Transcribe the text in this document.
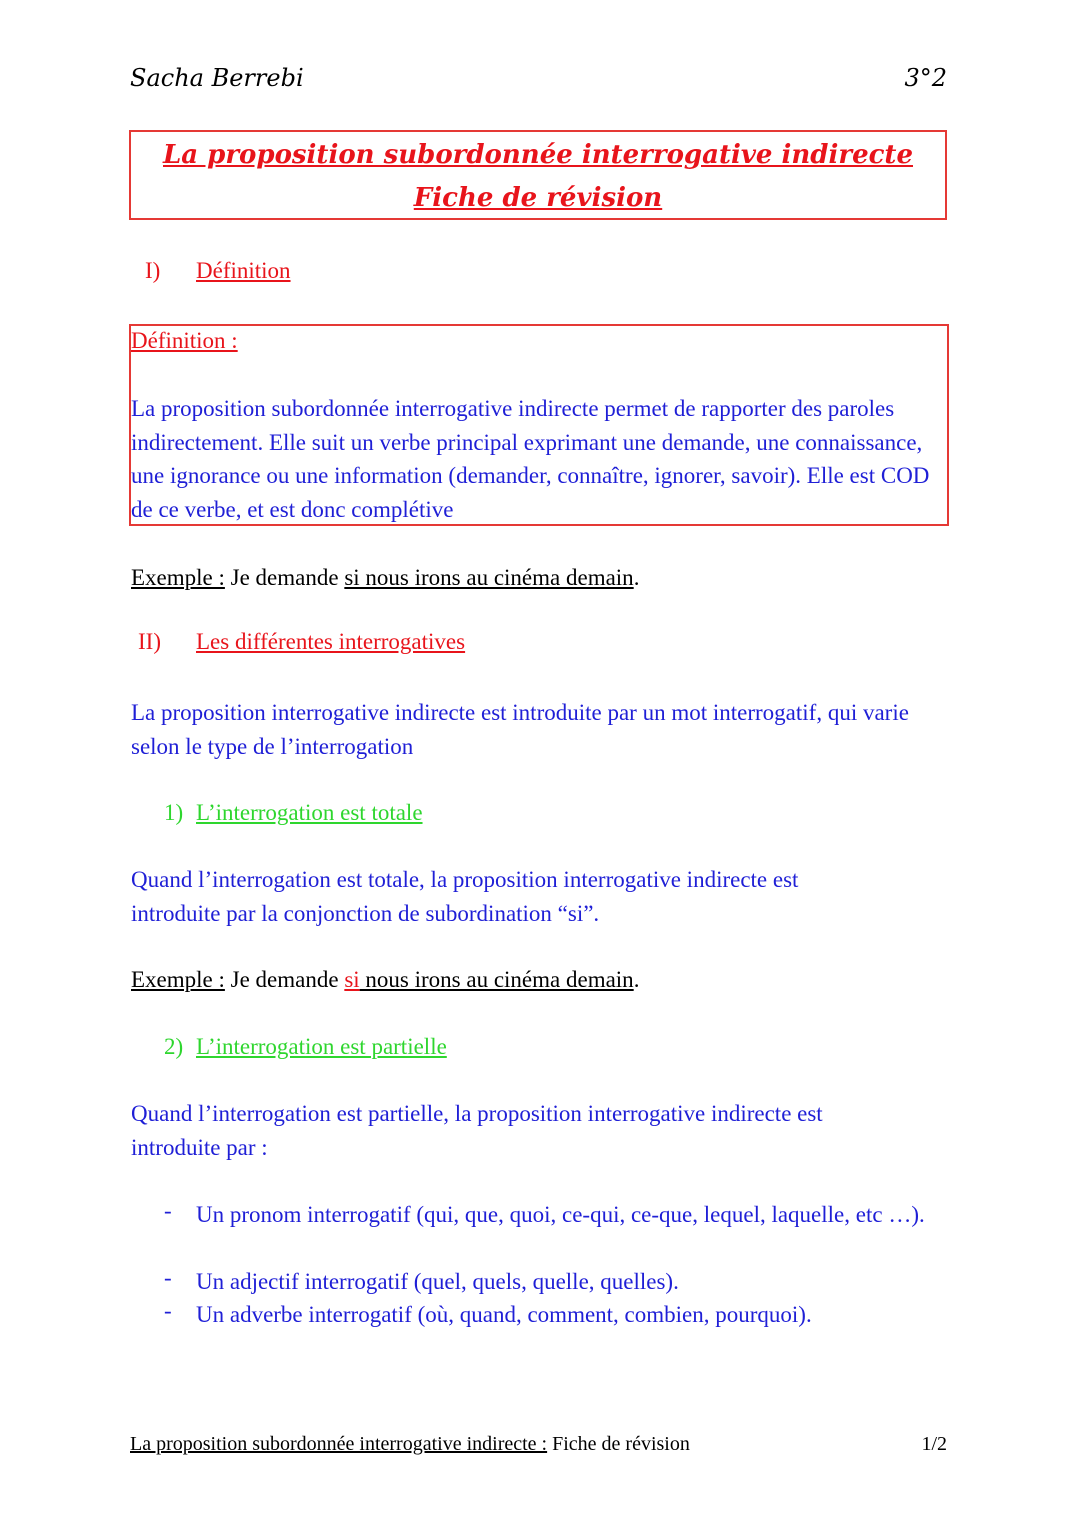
Sacha Berrebi	3°2
La proposition subordonnée interrogative indirecte
Fiche de révision
I) Définition
Définition :
La proposition subordonnée interrogative indirecte permet de rapporter des paroles indirectement. Elle suit un verbe principal exprimant une demande, une connaissance, une ignorance ou une information (demander, connaître, ignorer, savoir). Elle est COD de ce verbe, et est donc complétive
Exemple : Je demande si nous irons au cinéma demain.
II) Les différentes interrogatives
La proposition interrogative indirecte est introduite par un mot interrogatif, qui varie selon le type de l’interrogation
1) L’interrogation est totale
Quand l’interrogation est totale, la proposition interrogative indirecte est introduite par la conjonction de subordination “si”.
Exemple : Je demande si nous irons au cinéma demain.
2) L’interrogation est partielle
Quand l’interrogation est partielle, la proposition interrogative indirecte est introduite par :
- Un pronom interrogatif (qui, que, quoi, ce-qui, ce-que, lequel, laquelle, etc …).
- Un adjectif interrogatif (quel, quels, quelle, quelles).
- Un adverbe interrogatif (où, quand, comment, combien, pourquoi).
La proposition subordonnée interrogative indirecte : Fiche de révision	1/2
